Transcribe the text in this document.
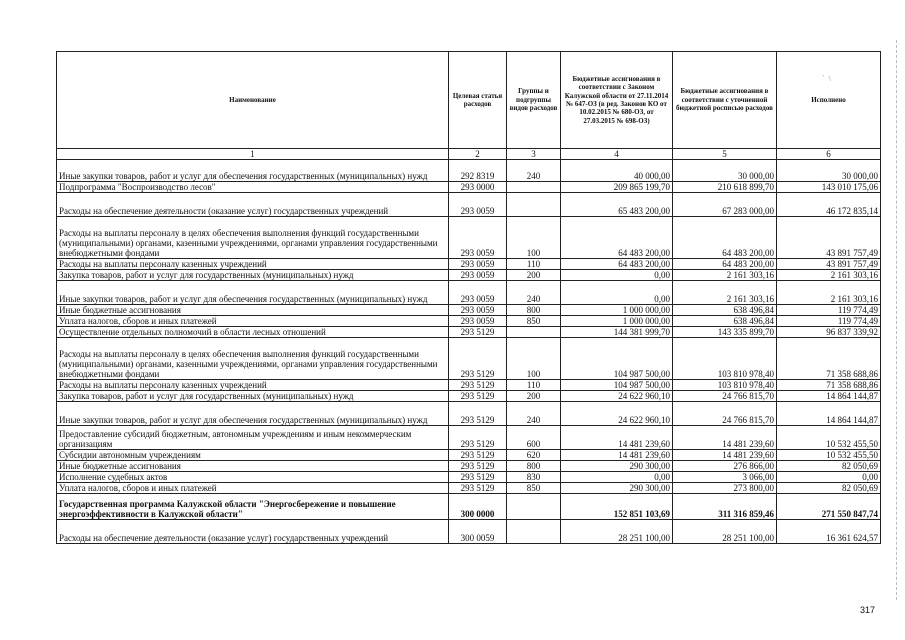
`  \
Наименование	Целевая статья расходов	Группы и подгруппы видов расходов	Бюджетные ассигнования в соответствии с Законом Калужской области от 27.11.2014 № 647-ОЗ (в ред. Законов КО от 10.02.2015 № 680-ОЗ, от 27.03.2015 № 698-ОЗ)	Бюджетные ассигнования в соответствии с уточненной бюджетной росписью расходов	Исполнено
1	2	3	4	5	6
Иные закупки товаров, работ и услуг для обеспечения государственных (муниципальных) нужд	292 8319	240	40 000,00	30 000,00	30 000,00
Подпрограмма "Воспроизводство лесов"	293 0000		209 865 199,70	210 618 899,70	143 010 175,06
Расходы на обеспечение деятельности (оказание услуг) государственных учреждений	293 0059		65 483 200,00	67 283 000,00	46 172 835,14
Расходы на выплаты персоналу в целях обеспечения выполнения функций государственными (муниципальными) органами, казенными учреждениями, органами управления государственными внебюджетными фондами	293 0059	100	64 483 200,00	64 483 200,00	43 891 757,49
Расходы на выплаты персоналу казенных учреждений	293 0059	110	64 483 200,00	64 483 200,00	43 891 757,49
Закупка товаров, работ и услуг для государственных (муниципальных) нужд	293 0059	200	0,00	2 161 303,16	2 161 303,16
Иные закупки товаров, работ и услуг для обеспечения государственных (муниципальных) нужд	293 0059	240	0,00	2 161 303,16	2 161 303,16
Иные бюджетные ассигнования	293 0059	800	1 000 000,00	638 496,84	119 774,49
Уплата налогов, сборов и иных платежей	293 0059	850	1 000 000,00	638 496,84	119 774,49
Осуществление отдельных полномочий в области лесных отношений	293 5129		144 381 999,70	143 335 899,70	96 837 339,92
Расходы на выплаты персоналу в целях обеспечения выполнения функций государственными (муниципальными) органами, казенными учреждениями, органами управления государственными внебюджетными фондами	293 5129	100	104 987 500,00	103 810 978,40	71 358 688,86
Расходы на выплаты персоналу казенных учреждений	293 5129	110	104 987 500,00	103 810 978,40	71 358 688,86
Закупка товаров, работ и услуг для государственных (муниципальных) нужд	293 5129	200	24 622 960,10	24 766 815,70	14 864 144,87
Иные закупки товаров, работ и услуг для обеспечения государственных (муниципальных) нужд	293 5129	240	24 622 960,10	24 766 815,70	14 864 144,87
Предоставление субсидий бюджетным, автономным учреждениям и иным некоммерческим организациям	293 5129	600	14 481 239,60	14 481 239,60	10 532 455,50
Субсидии автономным учреждениям	293 5129	620	14 481 239,60	14 481 239,60	10 532 455,50
Иные бюджетные ассигнования	293 5129	800	290 300,00	276 866,00	82 050,69
Исполнение судебных актов	293 5129	830	0,00	3 066,00	0,00
Уплата налогов, сборов и иных платежей	293 5129	850	290 300,00	273 800,00	82 050,69
Государственная программа Калужской области "Энергосбережение и повышение энергоэффективности в Калужской области"	300 0000		152 851 103,69	311 316 859,46	271 550 847,74
Расходы на обеспечение деятельности (оказание услуг) государственных учреждений	300 0059		28 251 100,00	28 251 100,00	16 361 624,57
317
